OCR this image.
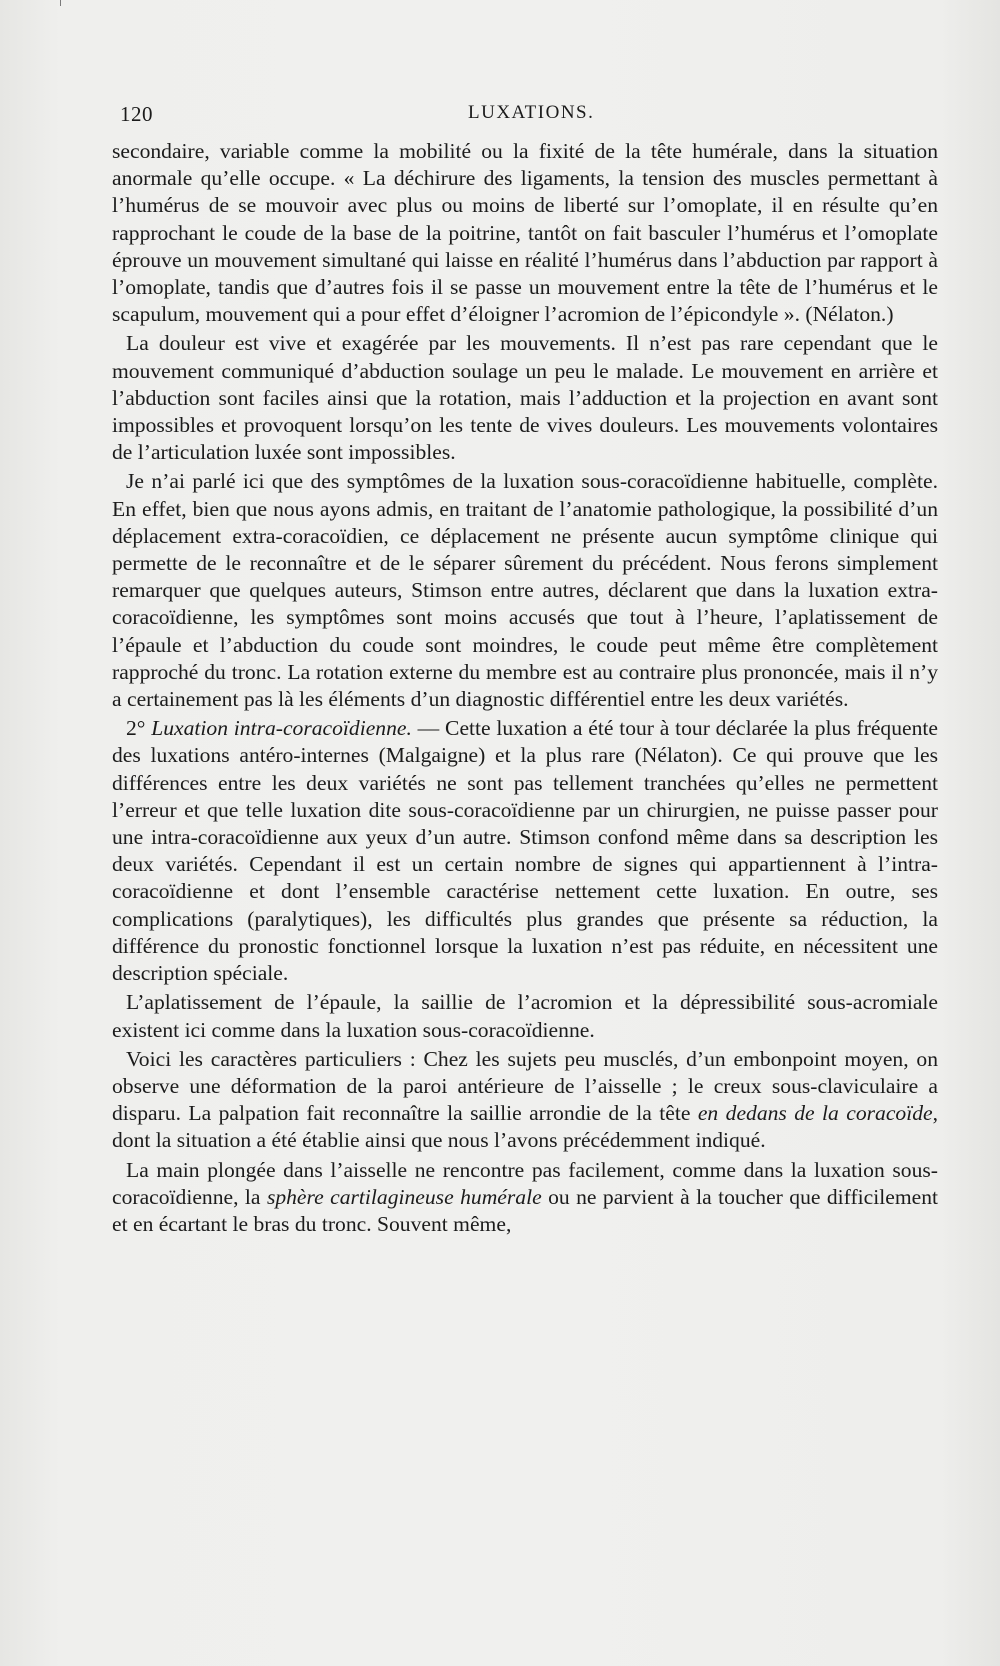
120	LUXATIONS.

secondaire, variable comme la mobilité ou la fixité de la tête humérale, dans la situation anormale qu’elle occupe. « La déchirure des ligaments, la tension des muscles permettant à l’humérus de se mouvoir avec plus ou moins de liberté sur l’omoplate, il en résulte qu’en rapprochant le coude de la base de la poitrine, tantôt on fait basculer l’humérus et l’omoplate éprouve un mouvement simultané qui laisse en réalité l’humérus dans l’abduction par rapport à l’omoplate, tandis que d’autres fois il se passe un mouvement entre la tête de l’humérus et le scapulum, mouvement qui a pour effet d’éloigner l’acromion de l’épicondyle ». (Nélaton.)

La douleur est vive et exagérée par les mouvements. Il n’est pas rare cependant que le mouvement communiqué d’abduction soulage un peu le malade. Le mouvement en arrière et l’abduction sont faciles ainsi que la rotation, mais l’adduction et la projection en avant sont impossibles et provoquent lorsqu’on les tente de vives douleurs. Les mouvements volontaires de l’articulation luxée sont impossibles.

Je n’ai parlé ici que des symptômes de la luxation sous-coracoïdienne habituelle, complète. En effet, bien que nous ayons admis, en traitant de l’anatomie pathologique, la possibilité d’un déplacement extra-coracoïdien, ce déplacement ne présente aucun symptôme clinique qui permette de le reconnaître et de le séparer sûrement du précédent. Nous ferons simplement remarquer que quelques auteurs, Stimson entre autres, déclarent que dans la luxation extra-coracoïdienne, les symptômes sont moins accusés que tout à l’heure, l’aplatissement de l’épaule et l’abduction du coude sont moindres, le coude peut même être complètement rapproché du tronc. La rotation externe du membre est au contraire plus prononcée, mais il n’y a certainement pas là les éléments d’un diagnostic différentiel entre les deux variétés.

2° Luxation intra-coracoïdienne. — Cette luxation a été tour à tour déclarée la plus fréquente des luxations antéro-internes (Malgaigne) et la plus rare (Nélaton). Ce qui prouve que les différences entre les deux variétés ne sont pas tellement tranchées qu’elles ne permettent l’erreur et que telle luxation dite sous-coracoïdienne par un chirurgien, ne puisse passer pour une intra-coracoïdienne aux yeux d’un autre. Stimson confond même dans sa description les deux variétés. Cependant il est un certain nombre de signes qui appartiennent à l’intra-coracoïdienne et dont l’ensemble caractérise nettement cette luxation. En outre, ses complications (paralytiques), les difficultés plus grandes que présente sa réduction, la différence du pronostic fonctionnel lorsque la luxation n’est pas réduite, en nécessitent une description spéciale.

L’aplatissement de l’épaule, la saillie de l’acromion et la dépressibilité sous-acromiale existent ici comme dans la luxation sous-coracoïdienne.

Voici les caractères particuliers : Chez les sujets peu musclés, d’un embonpoint moyen, on observe une déformation de la paroi antérieure de l’aisselle ; le creux sous-claviculaire a disparu. La palpation fait reconnaître la saillie arrondie de la tête en dedans de la coracoïde, dont la situation a été établie ainsi que nous l’avons précédemment indiqué.

La main plongée dans l’aisselle ne rencontre pas facilement, comme dans la luxation sous-coracoïdienne, la sphère cartilagineuse humérale ou ne parvient à la toucher que difficilement et en écartant le bras du tronc. Souvent même,
